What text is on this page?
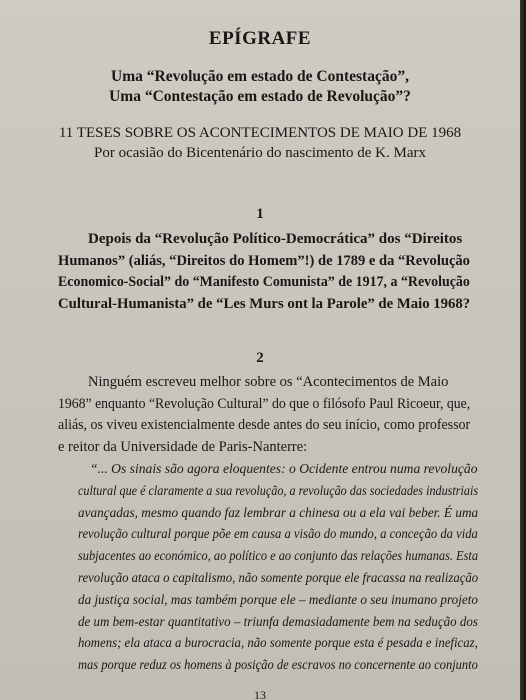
EPÍGRAFE
Uma “Revolução em estado de Contestação”,
Uma “Contestação em estado de Revolução”?
11 TESES SOBRE OS ACONTECIMENTOS DE MAIO DE 1968
Por ocasião do Bicentenário do nascimento de K. Marx
1
Depois da “Revolução Político-Democrática” dos “Direitos
Humanos” (aliás, “Direitos do Homem”!) de 1789 e da “Revolução
Economico-Social” do “Manifesto Comunista” de 1917, a “Revolução
Cultural-Humanista” de “Les Murs ont la Parole” de Maio 1968?
2
Ninguém escreveu melhor sobre os “Acontecimentos de Maio
1968” enquanto “Revolução Cultural” do que o filósofo Paul Ricoeur, que,
aliás, os viveu existencialmente desde antes do seu início, como professor
e reitor da Universidade de Paris-Nanterre:
“... Os sinais são agora eloquentes: o Ocidente entrou numa revolução
cultural que é claramente a sua revolução, a revolução das sociedades industriais
avançadas, mesmo quando faz lembrar a chinesa ou a ela vai beber. É uma
revolução cultural porque põe em causa a visão do mundo, a conceção da vida
subjacentes ao económico, ao político e ao conjunto das relações humanas. Esta
revolução ataca o capitalismo, não somente porque ele fracassa na realização
da justiça social, mas também porque ele – mediante o seu inumano projeto
de um bem-estar quantitativo – triunfa demasiadamente bem na sedução dos
homens; ela ataca a burocracia, não somente porque esta é pesada e ineficaz,
mas porque reduz os homens à posição de escravos no concernente ao conjunto
13
